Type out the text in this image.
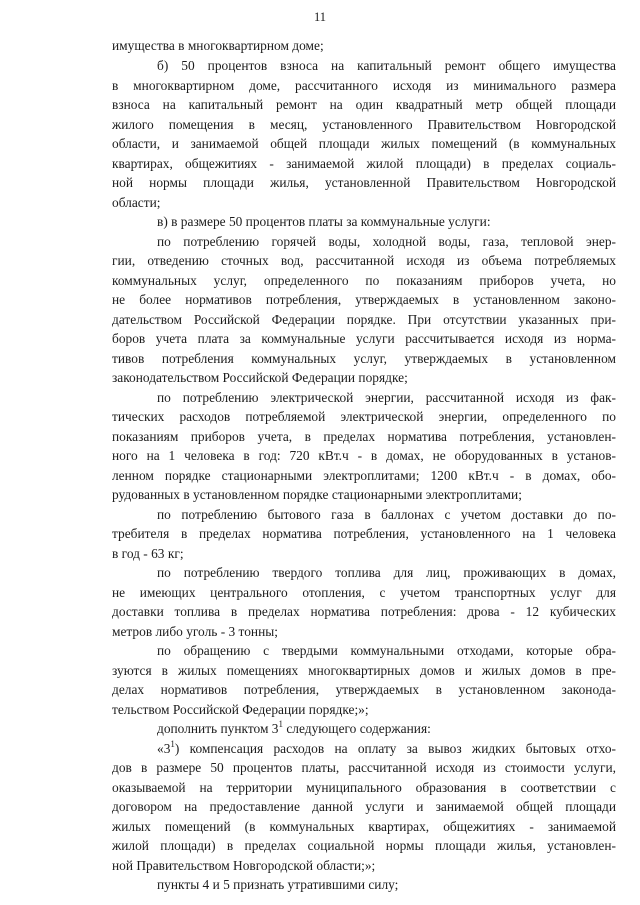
11
имущества в многоквартирном доме;
б) 50 процентов взноса на капитальный ремонт общего имущества
в многоквартирном доме, рассчитанного исходя из минимального размера
взноса на капитальный ремонт на один квадратный метр общей площади
жилого помещения в месяц, установленного Правительством Новгородской
области, и занимаемой общей площади жилых помещений (в коммунальных
квартирах, общежитиях - занимаемой жилой площади) в пределах социаль-
ной нормы площади жилья, установленной Правительством Новгородской
области;
в) в размере 50 процентов платы за коммунальные услуги:
по потреблению горячей воды, холодной воды, газа, тепловой энер-
гии, отведению сточных вод, рассчитанной исходя из объема потребляемых
коммунальных услуг, определенного по показаниям приборов учета, но
не более нормативов потребления, утверждаемых в установленном законо-
дательством Российской Федерации порядке. При отсутствии указанных при-
боров учета плата за коммунальные услуги рассчитывается исходя из норма-
тивов потребления коммунальных услуг, утверждаемых в установленном
законодательством Российской Федерации порядке;
по потреблению электрической энергии, рассчитанной исходя из фак-
тических расходов потребляемой электрической энергии, определенного по
показаниям приборов учета, в пределах норматива потребления, установлен-
ного на 1 человека в год: 720 кВт.ч - в домах, не оборудованных в установ-
ленном порядке стационарными электроплитами; 1200 кВт.ч - в домах, обо-
рудованных в установленном порядке стационарными электроплитами;
по потреблению бытового газа в баллонах с учетом доставки до по-
требителя в пределах норматива потребления, установленного на 1 человека
в год - 63 кг;
по потреблению твердого топлива для лиц, проживающих в домах,
не имеющих центрального отопления, с учетом транспортных услуг для
доставки топлива в пределах норматива потребления: дрова - 12 кубических
метров либо уголь - 3 тонны;
по обращению с твердыми коммунальными отходами, которые обра-
зуются в жилых помещениях многоквартирных домов и жилых домов в пре-
делах нормативов потребления, утверждаемых в установленном законода-
тельством Российской Федерации порядке;»;
дополнить пунктом $3^1$ следующего содержания:
«$3^1$) компенсация расходов на оплату за вывоз жидких бытовых отхо-
дов в размере 50 процентов платы, рассчитанной исходя из стоимости услуги,
оказываемой на территории муниципального образования в соответствии с
договором на предоставление данной услуги и занимаемой общей площади
жилых помещений (в коммунальных квартирах, общежитиях - занимаемой
жилой площади) в пределах социальной нормы площади жилья, установлен-
ной Правительством Новгородской области;»;
пункты 4 и 5 признать утратившими силу;
